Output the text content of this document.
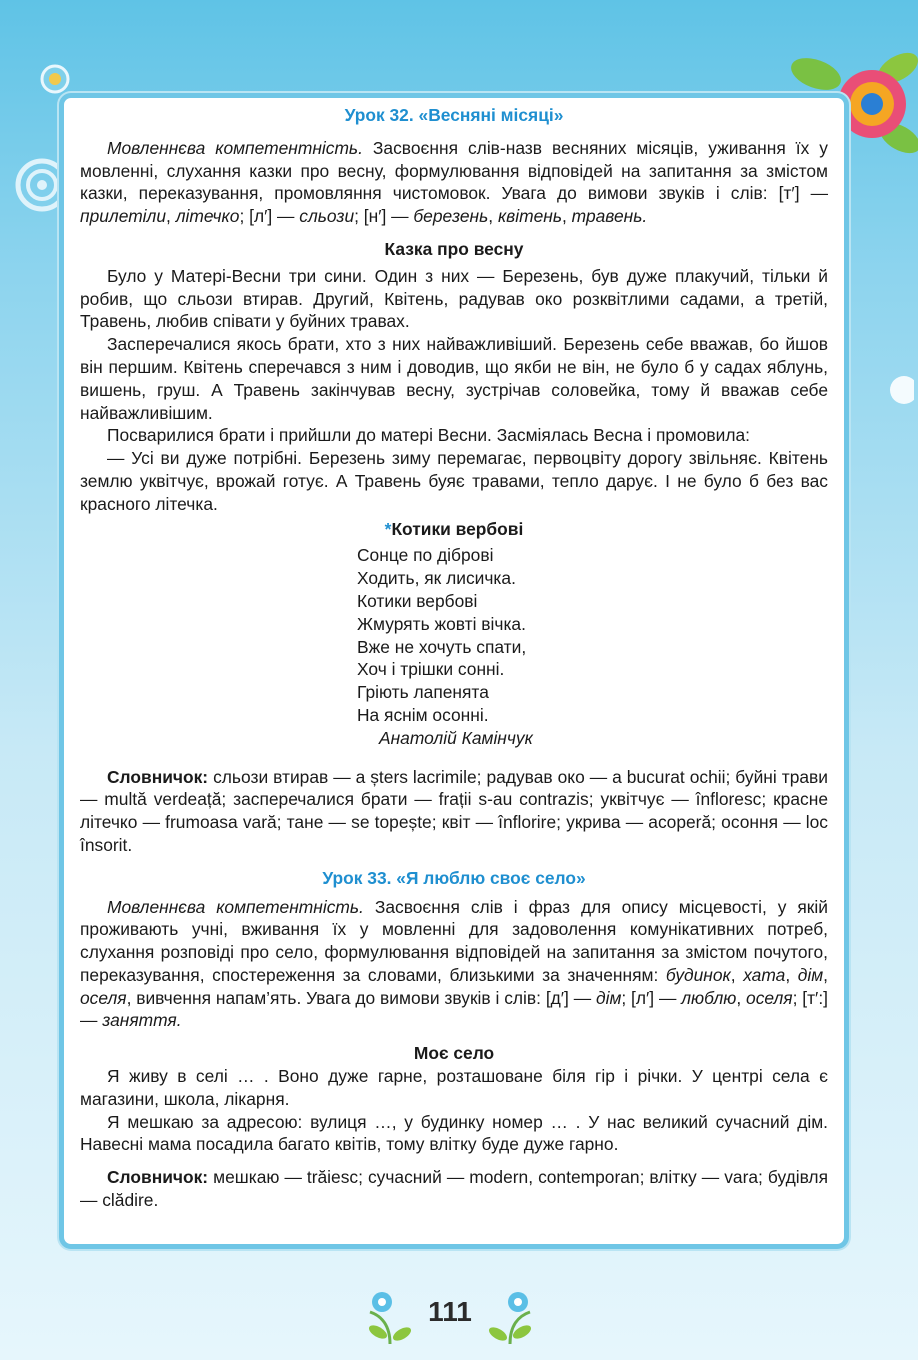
Урок 32. «Весняні місяці»

Мовленнєва компетентність. Засвоєння слів-назв весняних місяців, уживання їх у мовленні, слухання казки про весну, формулювання відповідей на запитання за змістом казки, переказування, промовляння чистомовок. Увага до вимови звуків і слів: [т′] — прилетіли, літечко; [л′] — сльози; [н′] — березень, квітень, травень.

Казка про весну

Було у Матері-Весни три сини. Один з них — Березень, був дуже плакучий, тільки й робив, що сльози втирав. Другий, Квітень, радував око розквітлими садами, а третій, Травень, любив співати у буйних травах.

Засперечалися якось брати, хто з них найважливіший. Березень себе вважав, бо йшов він першим. Квітень сперечався з ним і доводив, що якби не він, не було б у садах яблунь, вишень, груш. А Травень закінчував весну, зустрічав соловейка, тому й вважав себе найважливішим.

Посварилися брати і прийшли до матері Весни. Засміялась Весна і промовила:

— Усі ви дуже потрібні. Березень зиму перемагає, первоцвіту дорогу звільняє. Квітень землю уквітчує, врожай готує. А Травень буяє травами, тепло дарує. І не було б без вас красного літечка.

*Котики вербові
Сонце по діброві
Ходить, як лисичка.
Котики вербові
Жмурять жовті вічка.
Вже не хочуть спати,
Хоч і трішки сонні.
Гріють лапенята
На яснім осонні.
Анатолій Камінчук

Словничок: сльози втирав — a șters lacrimile; радував око — a bucurat ochii; буйні трави — multă verdeață; засперечалися брати — frații s-au contrazis; уквітчує — înfloresc; красне літечко — frumoasa vară; тане — se topește; квіт — înflorire; укрива — acoperă; осоння — loc însorit.

Урок 33. «Я люблю своє село»

Мовленнєва компетентність. Засвоєння слів і фраз для опису місцевості, у якій проживають учні, вживання їх у мовленні для задоволення комунікативних потреб, слухання розповіді про село, формулювання відповідей на запитання за змістом почутого, переказування, спостереження за словами, близькими за значенням: будинок, хата, дім, оселя, вивчення напам’ять. Увага до вимови звуків і слів: [д′] — дім; [л′] — люблю, оселя; [т′:] — заняття.

Моє село

Я живу в селі … . Воно дуже гарне, розташоване біля гір і річки. У центрі села є магазини, школа, лікарня.

Я мешкаю за адресою: вулиця …, у будинку номер … . У нас великий сучасний дім. Навесні мама посадила багато квітів, тому влітку буде дуже гарно.

Словничок: мешкаю — trăiesc; сучасний — modern, contemporan; влітку — vara; будівля — clădire.

111
